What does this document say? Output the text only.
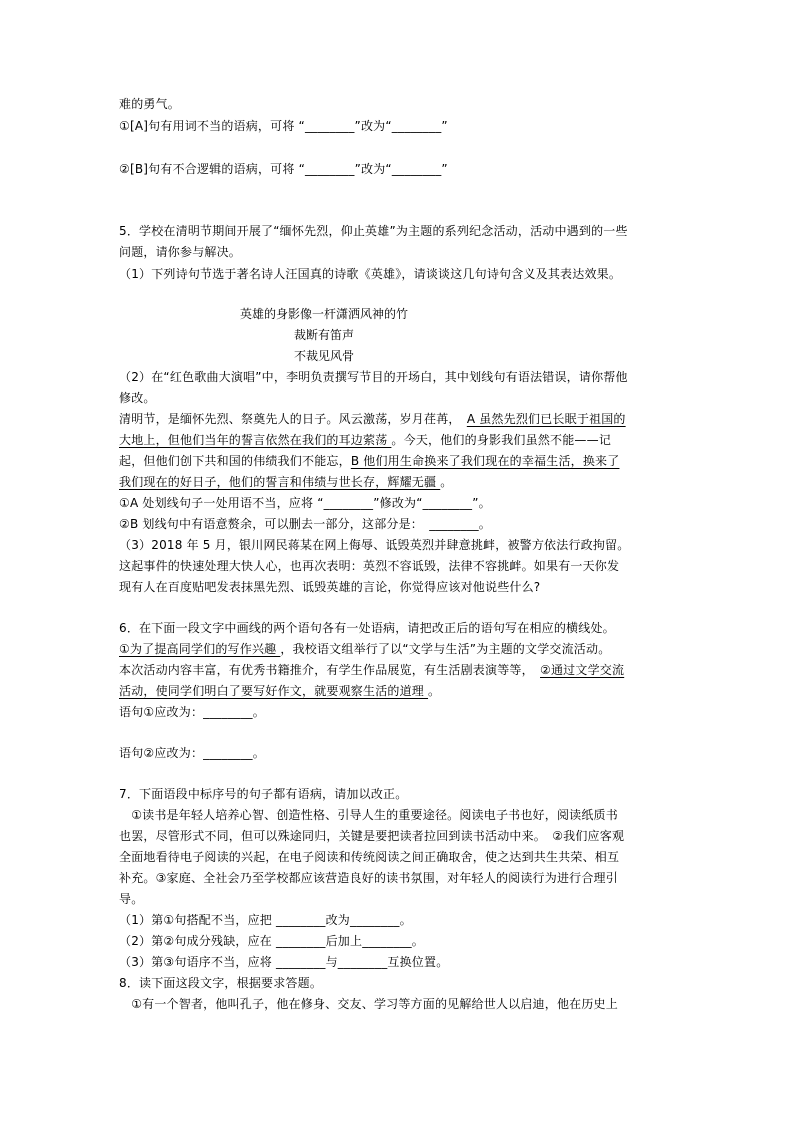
难的勇气。
①[A]句有用词不当的语病，可将 “________”改为“________”
②[B]句有不合逻辑的语病，可将 “________”改为“________”
5．学校在清明节期间开展了“缅怀先烈，仰止英雄”为主题的系列纪念活动，活动中遇到的一些
问题，请你参与解决。
（1）下列诗句节选于著名诗人汪国真的诗歌《英雄》，请谈谈这几句诗句含义及其表达效果。
英雄的身影像一杆潇洒风神的竹
裁断有笛声
不裁见风骨
（2）在“红色歌曲大演唱”中，李明负责撰写节目的开场白，其中划线句有语法错误，请你帮他
修改。
清明节，是缅怀先烈、祭奠先人的日子。风云激荡，岁月荏苒，　A 虽然先烈们已长眠于祖国的
大地上，但他们当年的誓言依然在我们的耳边萦荡 。今天，他们的身影我们虽然不能——记
起，但他们创下共和国的伟绩我们不能忘，B 他们用生命换来了我们现在的幸福生活，换来了
我们现在的好日子，他们的誓言和伟绩与世长存，辉耀无疆 。
①A 处划线句子一处用语不当，应将 “________”修改为“________”。
②B 划线句中有语意赘余，可以删去一部分，这部分是：　________。
（3）2018 年 5 月，银川网民蒋某在网上侮辱、诋毁英烈并肆意挑衅，被警方依法行政拘留。
这起事件的快速处理大快人心，也再次表明：英烈不容诋毁，法律不容挑衅。如果有一天你发
现有人在百度贴吧发表抹黑先烈、诋毁英雄的言论，你觉得应该对他说些什么?
6．在下面一段文字中画线的两个语句各有一处语病，请把改正后的语句写在相应的横线处。
①为了提高同学们的写作兴趣 ，我校语文组举行了以“文学与生活”为主题的文学交流活动。
本次活动内容丰富，有优秀书籍推介，有学生作品展览，有生活剧表演等等，　②通过文学交流
活动，使同学们明白了要写好作文，就要观察生活的道理 。
语句①应改为：________。
语句②应改为：________。
7．下面语段中标序号的句子都有语病，请加以改正。
　①读书是年轻人培养心智、创造性格、引导人生的重要途径。阅读电子书也好，阅读纸质书
也罢，尽管形式不同，但可以殊途同归，关键是要把读者拉回到读书活动中来。　②我们应客观
全面地看待电子阅读的兴起，在电子阅读和传统阅读之间正确取舍，使之达到共生共荣、相互
补充。③家庭、全社会乃至学校都应该营造良好的读书氛围，对年轻人的阅读行为进行合理引
导。
（1）第①句搭配不当，应把 ________改为________。
（2）第②句成分残缺，应在 ________后加上________。
（3）第③句语序不当，应将 ________与________互换位置。
8．读下面这段文字，根据要求答题。
　①有一个智者，他叫孔子，他在修身、交友、学习等方面的见解给世人以启迪，他在历史上
